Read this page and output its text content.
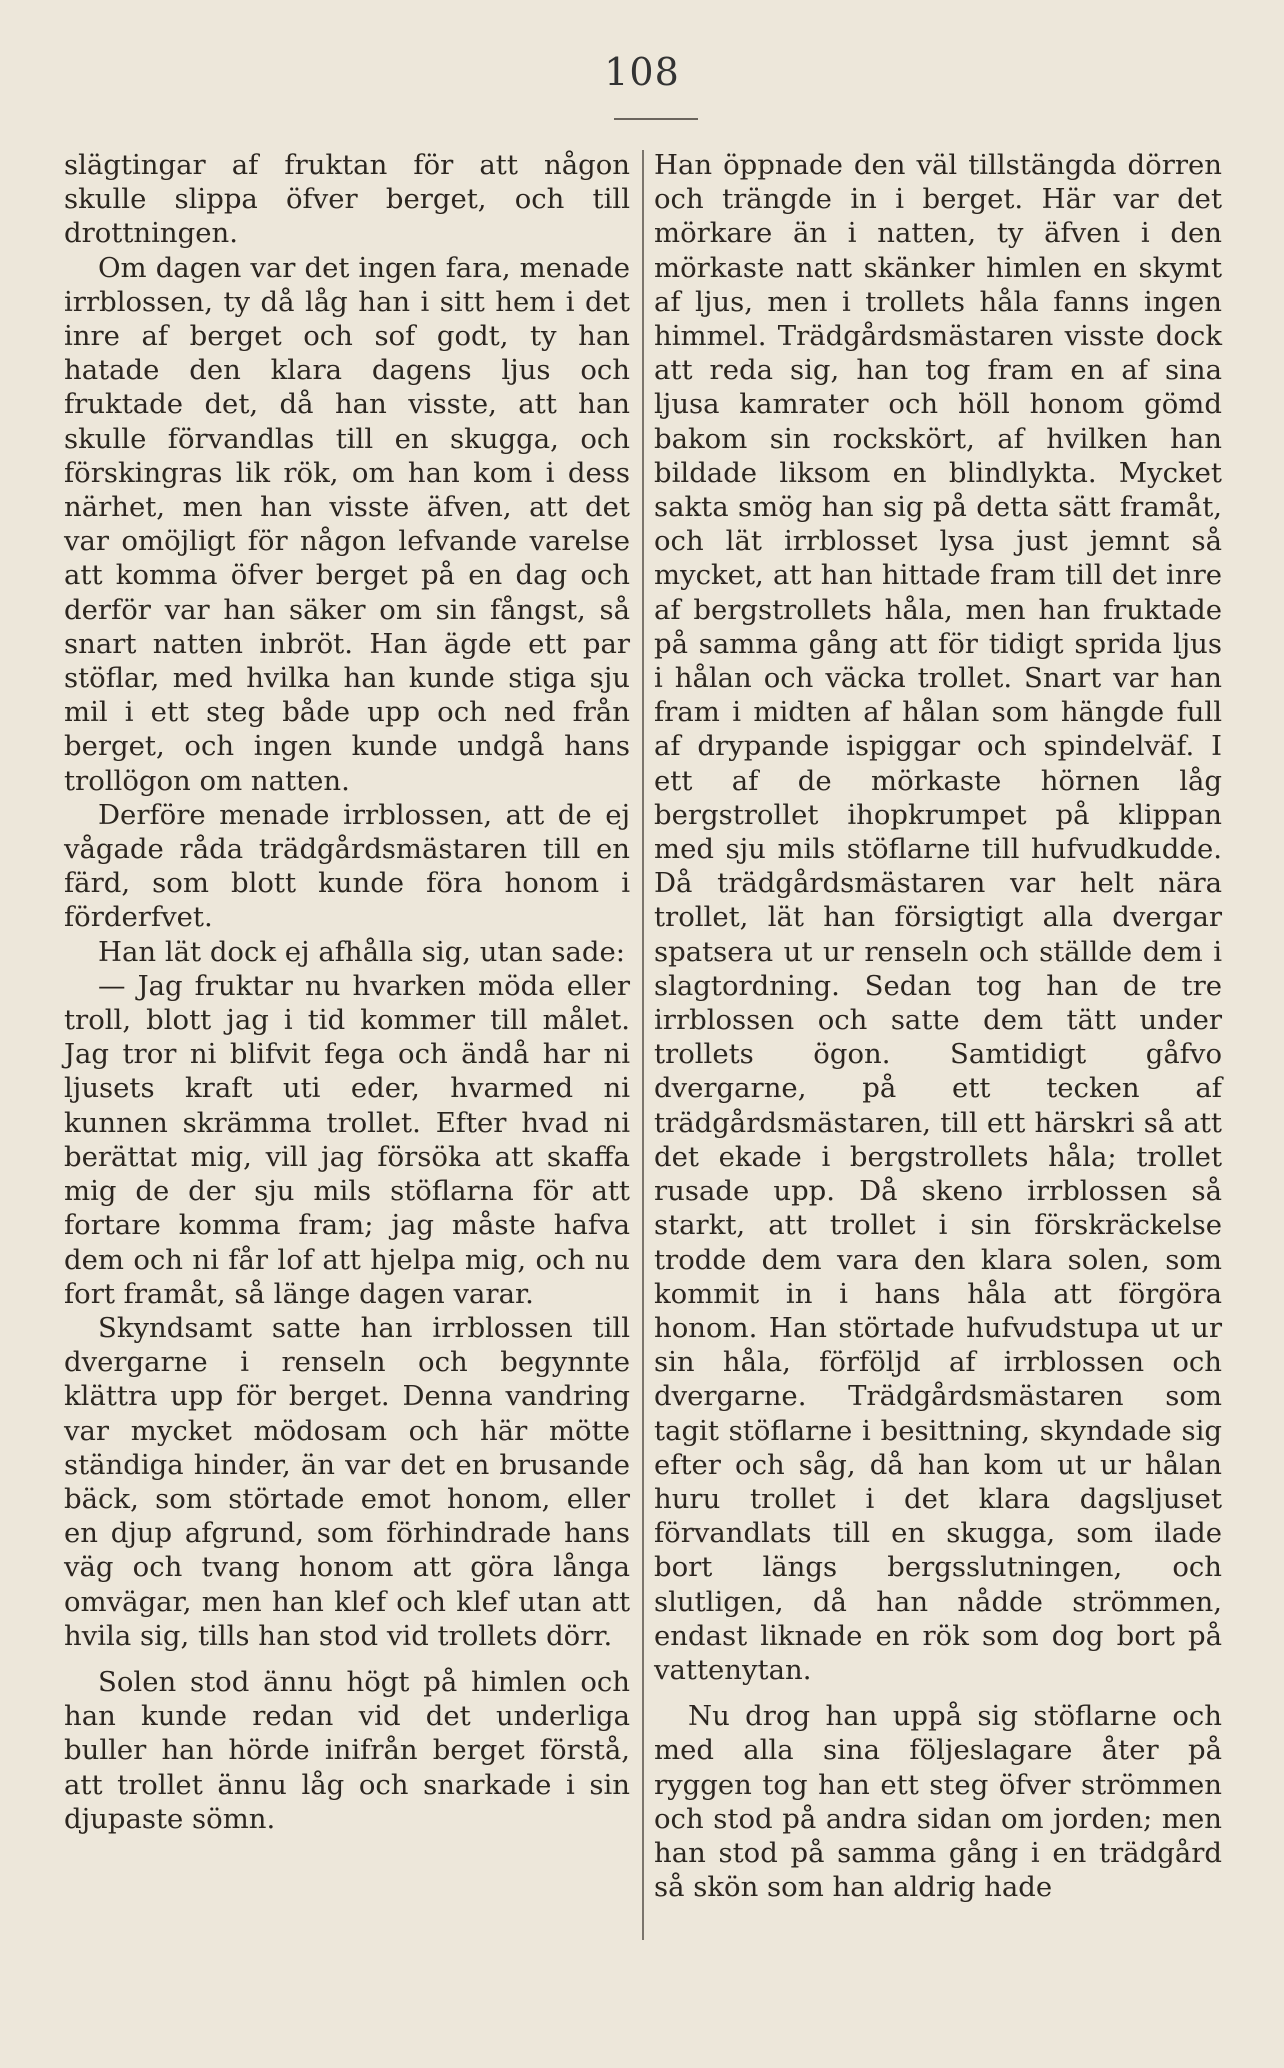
108

slägtingar af fruktan för att någon skulle slippa öfver berget, och till drottningen.

Om dagen var det ingen fara, menade irrblossen, ty då låg han i sitt hem i det inre af berget och sof godt, ty han hatade den klara dagens ljus och fruktade det, då han visste, att han skulle förvandlas till en skugga, och förskingras lik rök, om han kom i dess närhet, men han visste äfven, att det var omöjligt för någon lefvande varelse att komma öfver berget på en dag och derför var han säker om sin fångst, så snart natten inbröt. Han ägde ett par stöflar, med hvilka han kunde stiga sju mil i ett steg både upp och ned från berget, och ingen kunde undgå hans trollögon om natten.

Derföre menade irrblossen, att de ej vågade råda trädgårdsmästaren till en färd, som blott kunde föra honom i förderfvet.

Han lät dock ej afhålla sig, utan sade:

— Jag fruktar nu hvarken möda eller troll, blott jag i tid kommer till målet. Jag tror ni blifvit fega och ändå har ni ljusets kraft uti eder, hvarmed ni kunnen skrämma trollet. Efter hvad ni berättat mig, vill jag försöka att skaffa mig de der sju mils stöflarna för att fortare komma fram; jag måste hafva dem och ni får lof att hjelpa mig, och nu fort framåt, så länge dagen varar.

Skyndsamt satte han irrblossen till dvergarne i renseln och begynnte klättra upp för berget. Denna vandring var mycket mödosam och här mötte ständiga hinder, än var det en brusande bäck, som störtade emot honom, eller en djup afgrund, som förhindrade hans väg och tvang honom att göra långa omvägar, men han klef och klef utan att hvila sig, tills han stod vid trollets dörr.

Solen stod ännu högt på himlen och han kunde redan vid det underliga buller han hörde inifrån berget förstå, att trollet ännu låg och snarkade i sin djupaste sömn.

Han öppnade den väl tillstängda dörren och trängde in i berget. Här var det mörkare än i natten, ty äfven i den mörkaste natt skänker himlen en skymt af ljus, men i trollets håla fanns ingen himmel. Trädgårdsmästaren visste dock att reda sig, han tog fram en af sina ljusa kamrater och höll honom gömd bakom sin rockskört, af hvilken han bildade liksom en blindlykta. Mycket sakta smög han sig på detta sätt framåt, och lät irrblosset lysa just jemnt så mycket, att han hittade fram till det inre af bergstrollets håla, men han fruktade på samma gång att för tidigt sprida ljus i hålan och väcka trollet. Snart var han fram i midten af hålan som hängde full af drypande ispiggar och spindelväf. I ett af de mörkaste hörnen låg bergstrollet ihopkrumpet på klippan med sju mils stöflarne till hufvudkudde. Då trädgårdsmästaren var helt nära trollet, lät han försigtigt alla dvergar spatsera ut ur renseln och ställde dem i slagtordning. Sedan tog han de tre irrblossen och satte dem tätt under trollets ögon. Samtidigt gåfvo dvergarne, på ett tecken af trädgårdsmästaren, till ett härskri så att det ekade i bergstrollets håla; trollet rusade upp. Då skeno irrblossen så starkt, att trollet i sin förskräckelse trodde dem vara den klara solen, som kommit in i hans håla att förgöra honom. Han störtade hufvudstupa ut ur sin håla, förföljd af irrblossen och dvergarne. Trädgårdsmästaren som tagit stöflarne i besittning, skyndade sig efter och såg, då han kom ut ur hålan huru trollet i det klara dagsljuset förvandlats till en skugga, som ilade bort längs bergsslutningen, och slutligen, då han nådde strömmen, endast liknade en rök som dog bort på vattenytan.

Nu drog han uppå sig stöflarne och med alla sina följeslagare åter på ryggen tog han ett steg öfver strömmen och stod på andra sidan om jorden; men han stod på samma gång i en trädgård så skön som han aldrig hade
